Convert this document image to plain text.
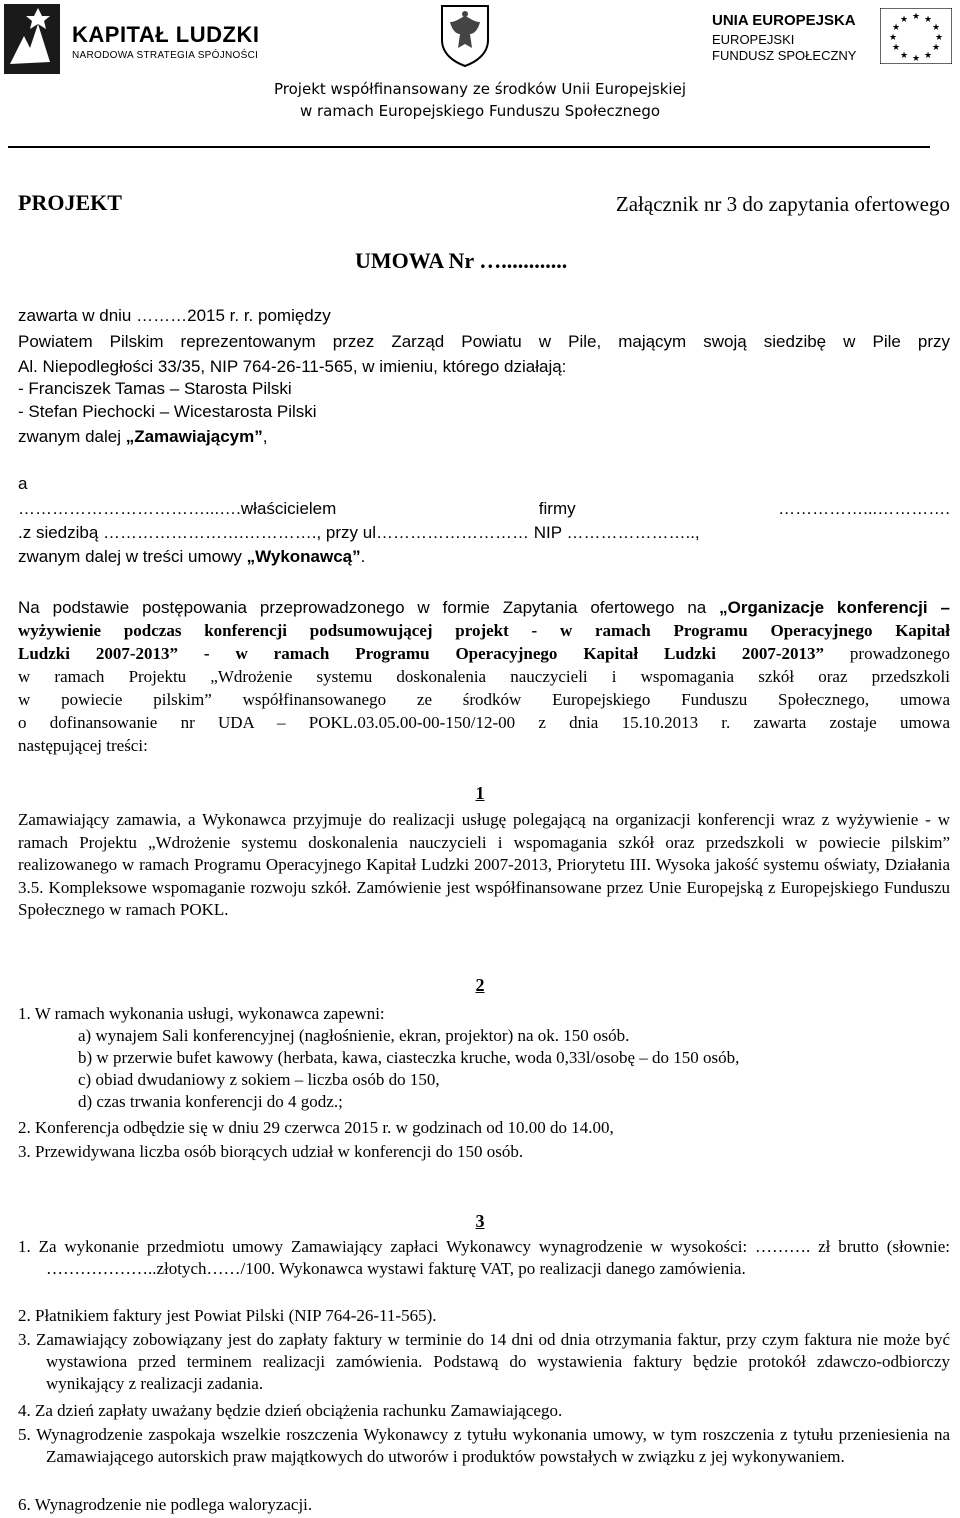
KAPITAŁ LUDZKI
NARODOWA STRATEGIA SPÓJNOŚCI
UNIA EUROPEJSKA
EUROPEJSKI
FUNDUSZ SPOŁECZNY
★ ★
★
★
★
★
★
★
★
★
★
★
Projekt współfinansowany ze środków Unii Europejskiej
w ramach Europejskiego Funduszu Społecznego
PROJEKT	Załącznik nr 3 do zapytania ofertowego
UMOWA Nr …............
zawarta w dniu ………2015 r. r. pomiędzy
Powiatem Pilskim reprezentowanym przez Zarząd Powiatu w Pile, mającym swoją siedzibę w Pile przy
Al. Niepodległości 33/35, NIP 764-26-11-565, w imieniu, którego działają:
- Franciszek Tamas – Starosta Pilski
- Stefan Piechocki – Wicestarosta Pilski
zwanym dalej „Zamawiającym”,
a
……………………………...….właścicielem firmy ……………...………….
.z siedzibą …………………….…………., przy ul……………………… NIP …………………..,
zwanym dalej w treści umowy „Wykonawcą”.
Na podstawie postępowania przeprowadzonego w formie Zapytania ofertowego na „Organizacje konferencji –
wyżywienie podczas konferencji podsumowującej projekt - w ramach Programu Operacyjnego Kapitał
Ludzki 2007-2013” - w ramach Programu Operacyjnego Kapitał Ludzki 2007-2013” prowadzonego
w ramach Projektu „Wdrożenie systemu doskonalenia nauczycieli i wspomagania szkół oraz przedszkoli
w powiecie pilskim” współfinansowanego ze środków Europejskiego Funduszu Społecznego, umowa
o dofinansowanie nr UDA – POKL.03.05.00-00-150/12-00 z dnia 15.10.2013 r. zawarta zostaje umowa
następującej treści:
1
Zamawiający zamawia, a Wykonawca przyjmuje do realizacji usługę polegającą na organizacji konferencji wraz z wyżywienie - w ramach Projektu „Wdrożenie systemu doskonalenia nauczycieli i wspomagania szkół oraz przedszkoli w powiecie pilskim” realizowanego w ramach Programu Operacyjnego Kapitał Ludzki 2007-2013, Priorytetu III. Wysoka jakość systemu oświaty, Działania 3.5. Kompleksowe wspomaganie rozwoju szkół. Zamówienie jest współfinansowane przez Unie Europejską z Europejskiego Funduszu Społecznego w ramach POKL.
2
1. W ramach wykonania usługi, wykonawca zapewni:
a) wynajem Sali konferencyjnej (nagłośnienie, ekran, projektor) na ok. 150 osób.
b) w przerwie bufet kawowy (herbata, kawa, ciasteczka kruche, woda 0,33l/osobę – do 150 osób,
c) obiad dwudaniowy z sokiem – liczba osób do 150,
d) czas trwania konferencji do 4 godz.;
2. Konferencja odbędzie się w dniu 29 czerwca 2015 r. w godzinach od 10.00 do 14.00,
3. Przewidywana liczba osób biorących udział w konferencji do 150 osób.
3
1. Za wykonanie przedmiotu umowy Zamawiający zapłaci Wykonawcy wynagrodzenie w wysokości: ………. zł brutto (słownie: ………………..złotych……/100. Wykonawca wystawi fakturę VAT, po realizacji danego zamówienia.
2. Płatnikiem faktury jest Powiat Pilski (NIP 764-26-11-565).
3. Zamawiający zobowiązany jest do zapłaty faktury w terminie do 14 dni od dnia otrzymania faktur, przy czym faktura nie może być wystawiona przed terminem realizacji zamówienia. Podstawą do wystawienia faktury będzie protokół zdawczo-odbiorczy wynikający z realizacji zadania.
4. Za dzień zapłaty uważany będzie dzień obciążenia rachunku Zamawiającego.
5. Wynagrodzenie zaspokaja wszelkie roszczenia Wykonawcy z tytułu wykonania umowy, w tym roszczenia z tytułu przeniesienia na Zamawiającego autorskich praw majątkowych do utworów i produktów powstałych w związku z jej wykonywaniem.
6. Wynagrodzenie nie podlega waloryzacji.
